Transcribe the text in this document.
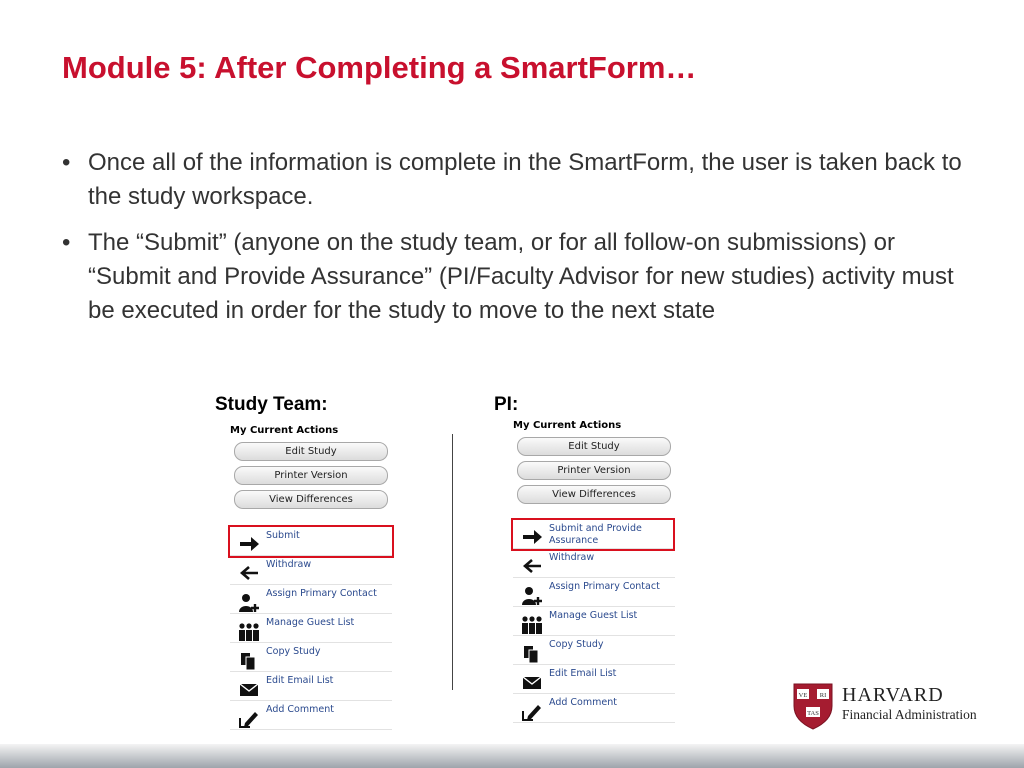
Module 5: After Completing a SmartForm…
• Once all of the information is complete in the SmartForm, the user is taken back to the study workspace.
• The “Submit” (anyone on the study team, or for all follow-on submissions) or “Submit and Provide Assurance” (PI/Faculty Advisor for new studies) activity must be executed in order for the study to move to the next state
Study Team:	PI:
My Current Actions
Edit Study
Printer Version
View Differences
Submit
Withdraw
Assign Primary Contact
Manage Guest List
Copy Study
Edit Email List
Add Comment
My Current Actions
Edit Study
Printer Version
View Differences
Submit and Provide Assurance
Withdraw
Assign Primary Contact
Manage Guest List
Copy Study
Edit Email List
Add Comment
VE RI
TAS
HARVARD
Financial Administration
